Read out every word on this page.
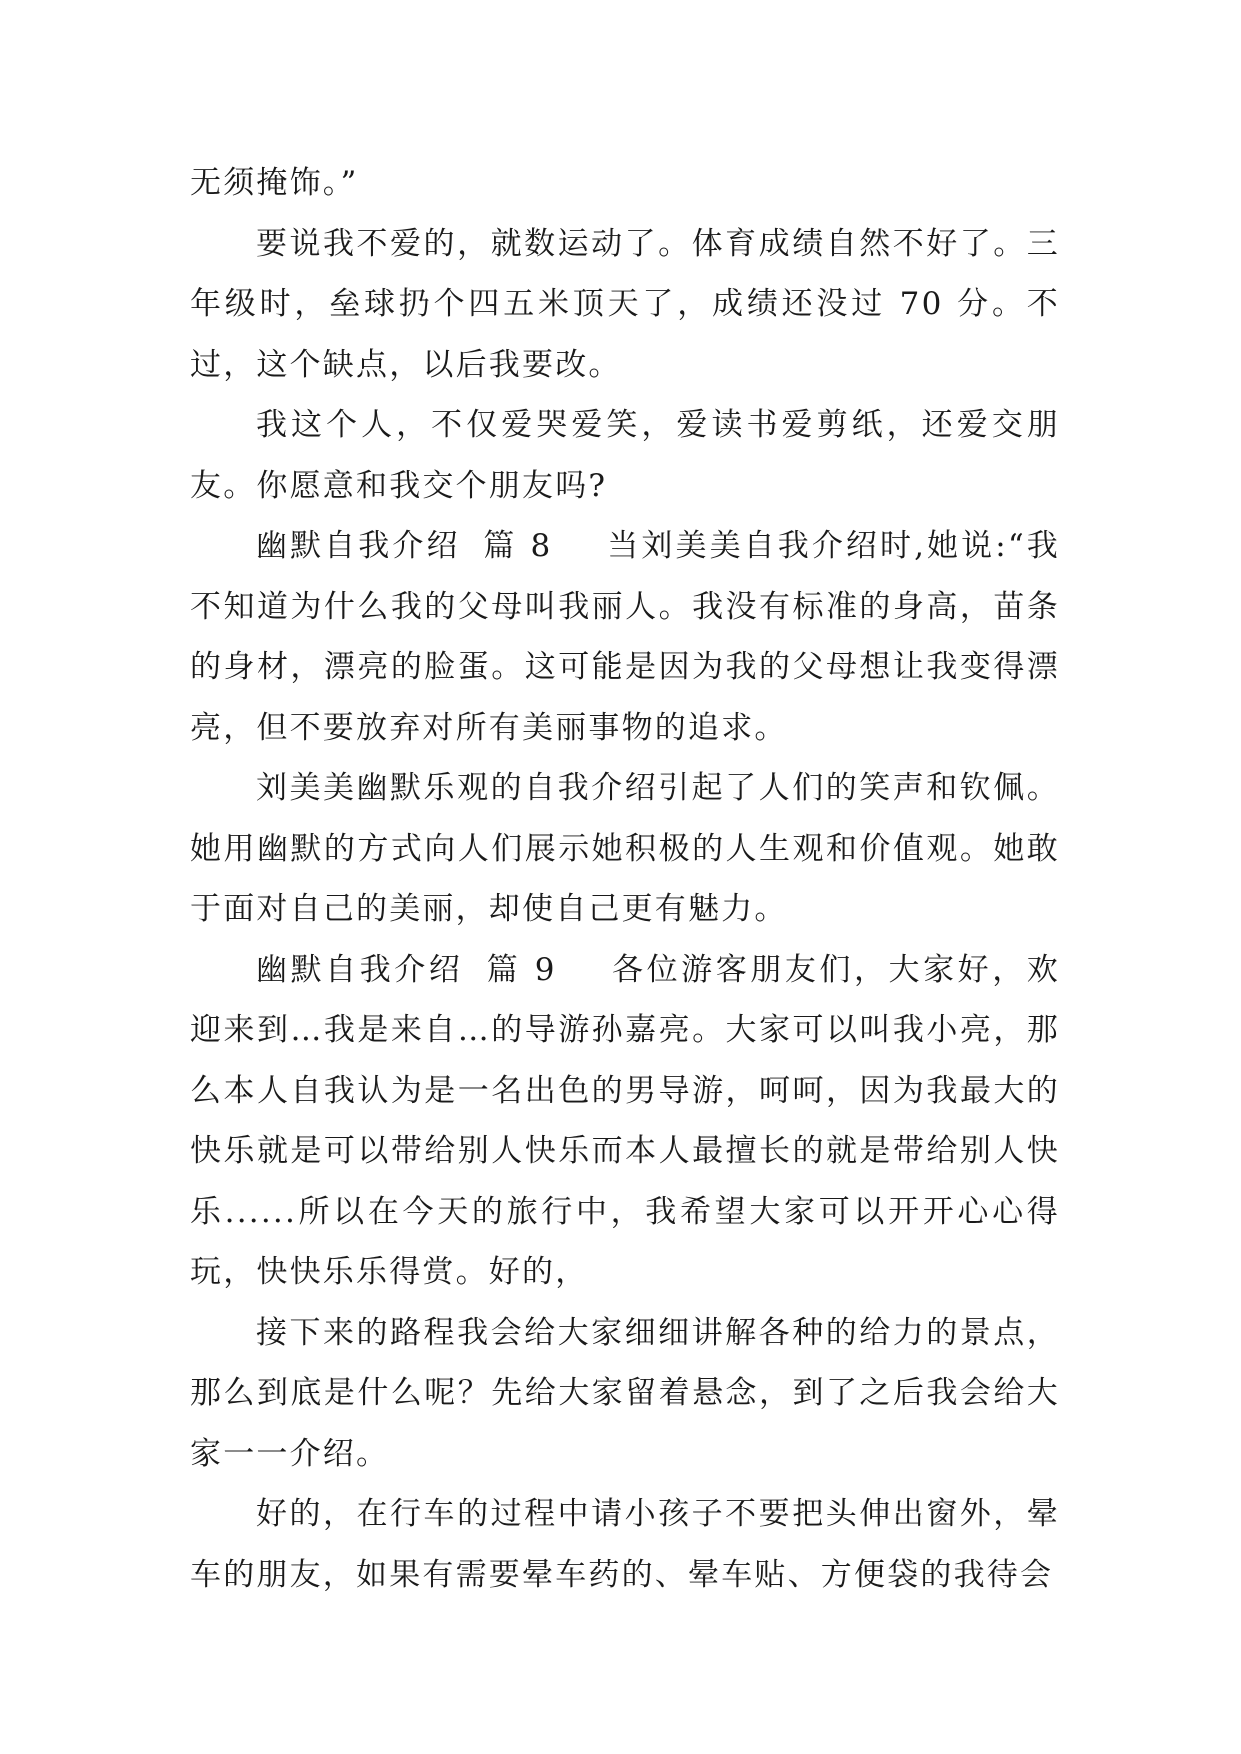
无须掩饰。”

要说我不爱的，就数运动了。体育成绩自然不好了。三年级时，垒球扔个四五米顶天了，成绩还没过 70 分。不过，这个缺点，以后我要改。

我这个人，不仅爱哭爱笑，爱读书爱剪纸，还爱交朋友。你愿意和我交个朋友吗?

幽默自我介绍 篇 8 当刘美美自我介绍时,她说:“我不知道为什么我的父母叫我丽人。我没有标准的身高，苗条的身材，漂亮的脸蛋。这可能是因为我的父母想让我变得漂亮，但不要放弃对所有美丽事物的追求。

刘美美幽默乐观的自我介绍引起了人们的笑声和钦佩。她用幽默的方式向人们展示她积极的人生观和价值观。她敢于面对自己的美丽，却使自己更有魅力。

幽默自我介绍 篇 9 各位游客朋友们，大家好，欢迎来到…我是来自…的导游孙嘉亮。大家可以叫我小亮，那么本人自我认为是一名出色的男导游，呵呵，因为我最大的快乐就是可以带给别人快乐而本人最擅长的就是带给别人快乐......所以在今天的旅行中，我希望大家可以开开心心得玩，快快乐乐得赏。好的，

接下来的路程我会给大家细细讲解各种的给力的景点，那么到底是什么呢？先给大家留着悬念，到了之后我会给大家一一介绍。

好的，在行车的过程中请小孩子不要把头伸出窗外，晕车的朋友，如果有需要晕车药的、晕车贴、方便袋的我待会
